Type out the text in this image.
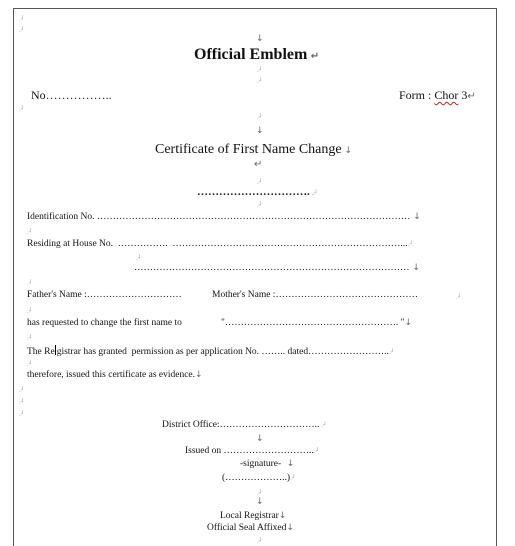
.┘
.┘
↓
Official Emblem ↵
.┘
.┘
No……………..	Form : Chor 3↵
.┘
.┘
↓
Certificate of First Name Change ↓
↵
.┘
…………………………. .┘
.┘
Identification No. ……………………………………………………………………………………… ↓
.┘
Residing at House No.  …………….  ………………………………………………………………....┘
.┘
…………………………………………………………………………… ↓
.┘
Father's Name :…………………………	Mother's Name :………………………………………	.┘
.┘
has requested to change the first name to	"………………………………………………. "↓
.┘
The Re gistrar has granted  permission as per application No. …….. dated……………………...┘
.┘
therefore, issued this certificate as evidence.↓
.┘
.┘
.┘
District Office:………………………….. .┘
↓
Issued on ………………………...┘
-signature-  ↓
(………………..).┘
.┘
↓
Local Registrar↓
Official Seal Affixed↓
.┘
